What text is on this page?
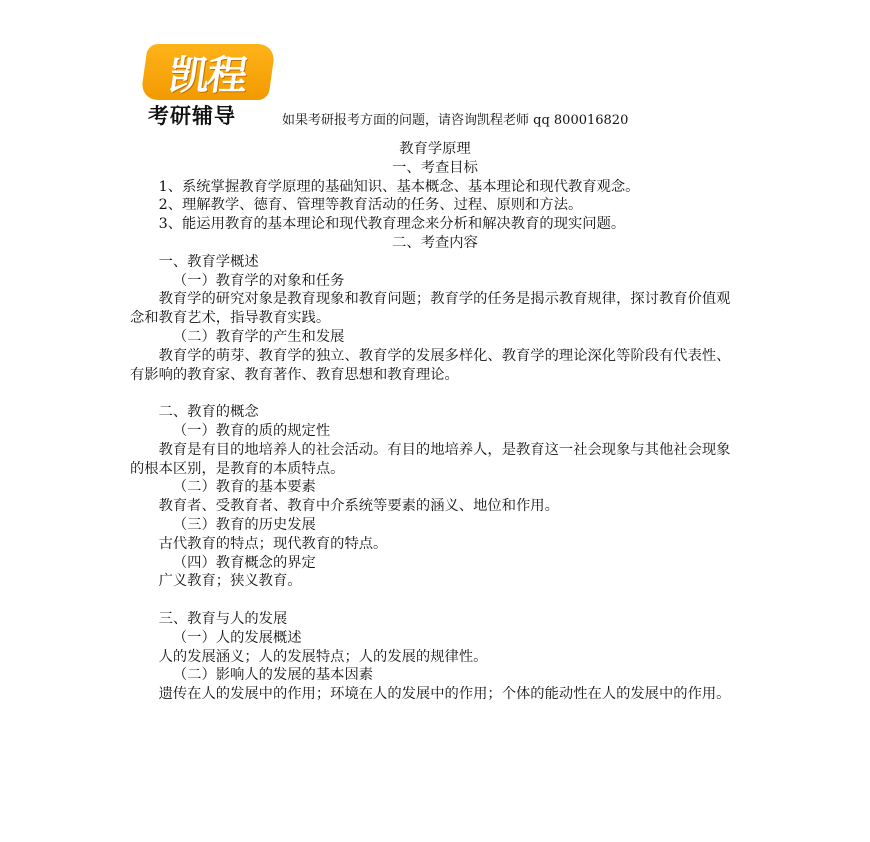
凯程
考研辅导	如果考研报考方面的问题，请咨询凯程老师 qq 800016820

教育学原理

一、考查目标

1、系统掌握教育学原理的基础知识、基本概念、基本理论和现代教育观念。

2、理解教学、德育、管理等教育活动的任务、过程、原则和方法。

3、能运用教育的基本理论和现代教育理念来分析和解决教育的现实问题。

二、考查内容

一、教育学概述

（一）教育学的对象和任务

教育学的研究对象是教育现象和教育问题；教育学的任务是揭示教育规律，探讨教育价值观念和教育艺术，指导教育实践。

（二）教育学的产生和发展

教育学的萌芽、教育学的独立、教育学的发展多样化、教育学的理论深化等阶段有代表性、有影响的教育家、教育著作、教育思想和教育理论。

二、教育的概念

（一）教育的质的规定性

教育是有目的地培养人的社会活动。有目的地培养人，是教育这一社会现象与其他社会现象的根本区别，是教育的本质特点。

（二）教育的基本要素

教育者、受教育者、教育中介系统等要素的涵义、地位和作用。

（三）教育的历史发展

古代教育的特点；现代教育的特点。

（四）教育概念的界定

广义教育；狭义教育。

三、教育与人的发展

（一）人的发展概述

人的发展涵义；人的发展特点；人的发展的规律性。

（二）影响人的发展的基本因素

遗传在人的发展中的作用；环境在人的发展中的作用；个体的能动性在人的发展中的作用。
